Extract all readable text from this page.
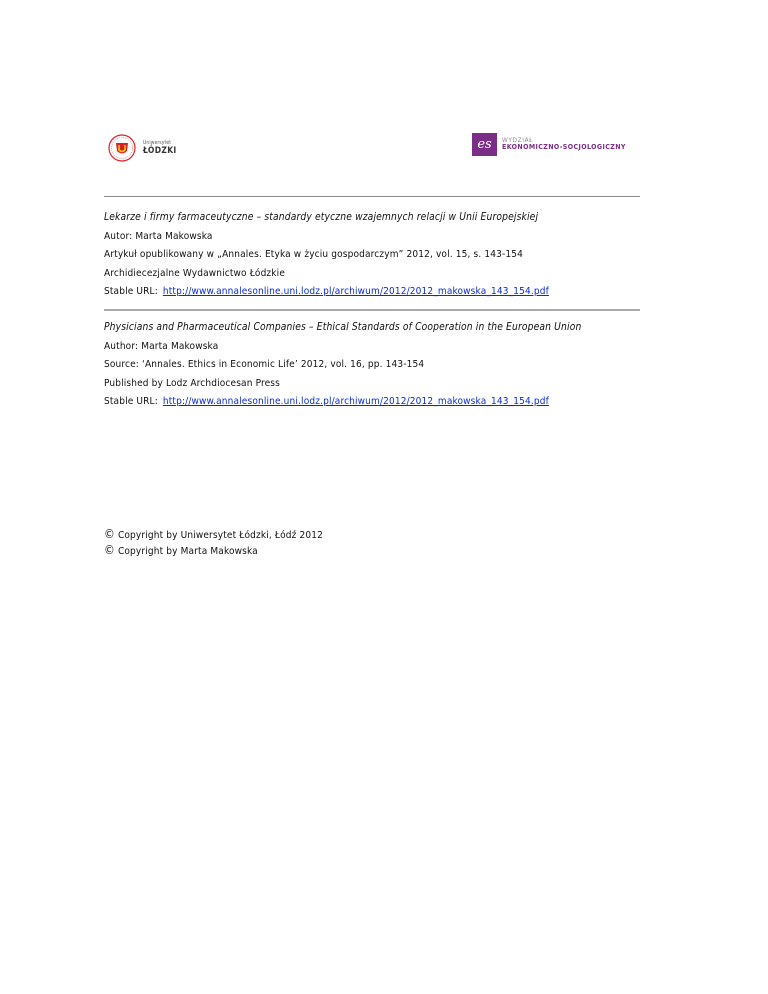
Uniwersytet
ŁÓDZKI	es	WYDZIAŁ
EKONOMICZNO-SOCJOLOGICZNY
Lekarze i firmy farmaceutyczne – standardy etyczne wzajemnych relacji w Unii Europejskiej
Autor: Marta Makowska
Artykuł opublikowany w „Annales. Etyka w życiu gospodarczym” 2012, vol. 15, s. 143-154
Archidiecezjalne Wydawnictwo Łódzkie
Stable URL: http://www.annalesonline.uni.lodz.pl/archiwum/2012/2012_makowska_143_154.pdf
Physicians and Pharmaceutical Companies – Ethical Standards of Cooperation in the European Union
Author: Marta Makowska
Source: ‘Annales. Ethics in Economic Life’ 2012, vol. 16, pp. 143-154
Published by Lodz Archdiocesan Press
Stable URL: http://www.annalesonline.uni.lodz.pl/archiwum/2012/2012_makowska_143_154.pdf
© Copyright by Uniwersytet Łódzki, Łódź 2012
© Copyright by Marta Makowska
